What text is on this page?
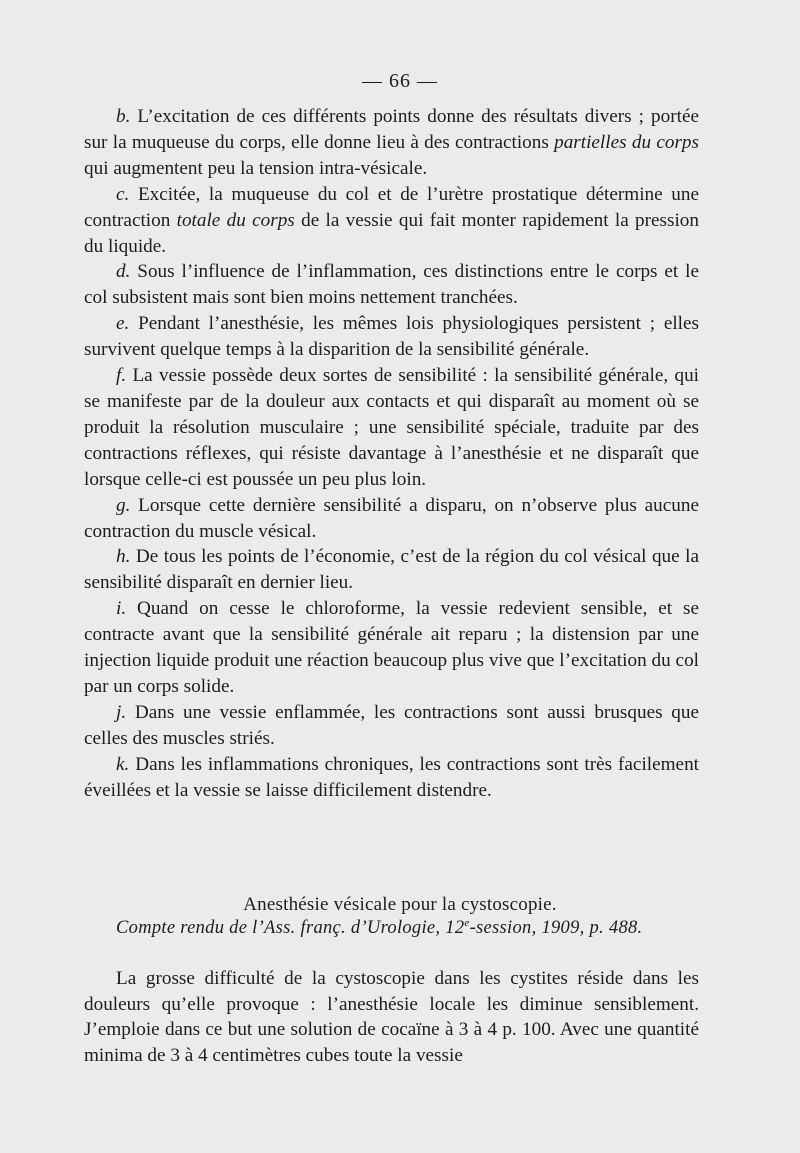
— 66 —

b. L’excitation de ces différents points donne des résultats divers ; portée sur la muqueuse du corps, elle donne lieu à des contractions partielles du corps qui augmentent peu la tension intra-vésicale.

c. Excitée, la muqueuse du col et de l’urètre prostatique détermine une contraction totale du corps de la vessie qui fait monter rapidement la pression du liquide.

d. Sous l’influence de l’inflammation, ces distinctions entre le corps et le col subsistent mais sont bien moins nettement tranchées.

e. Pendant l’anesthésie, les mêmes lois physiologiques persistent ; elles survivent quelque temps à la disparition de la sensibilité générale.

f. La vessie possède deux sortes de sensibilité : la sensibilité générale, qui se manifeste par de la douleur aux contacts et qui disparaît au moment où se produit la résolution musculaire ; une sensibilité spéciale, traduite par des contractions réflexes, qui résiste davantage à l’anesthésie et ne disparaît que lorsque celle-ci est poussée un peu plus loin.

g. Lorsque cette dernière sensibilité a disparu, on n’observe plus aucune contraction du muscle vésical.

h. De tous les points de l’économie, c’est de la région du col vésical que la sensibilité disparaît en dernier lieu.

i. Quand on cesse le chloroforme, la vessie redevient sensible, et se contracte avant que la sensibilité générale ait reparu ; la distension par une injection liquide produit une réaction beaucoup plus vive que l’excitation du col par un corps solide.

j. Dans une vessie enflammée, les contractions sont aussi brusques que celles des muscles striés.

k. Dans les inflammations chroniques, les contractions sont très facilement éveillées et la vessie se laisse difficilement distendre.

Anesthésie vésicale pour la cystoscopie.
Compte rendu de l’Ass. franç. d’Urologie, 12e-session, 1909, p. 488.

La grosse difficulté de la cystoscopie dans les cystites réside dans les douleurs qu’elle provoque : l’anesthésie locale les diminue sensiblement. J’emploie dans ce but une solution de cocaïne à 3 à 4 p. 100. Avec une quantité minima de 3 à 4 centimètres cubes toute la vessie
